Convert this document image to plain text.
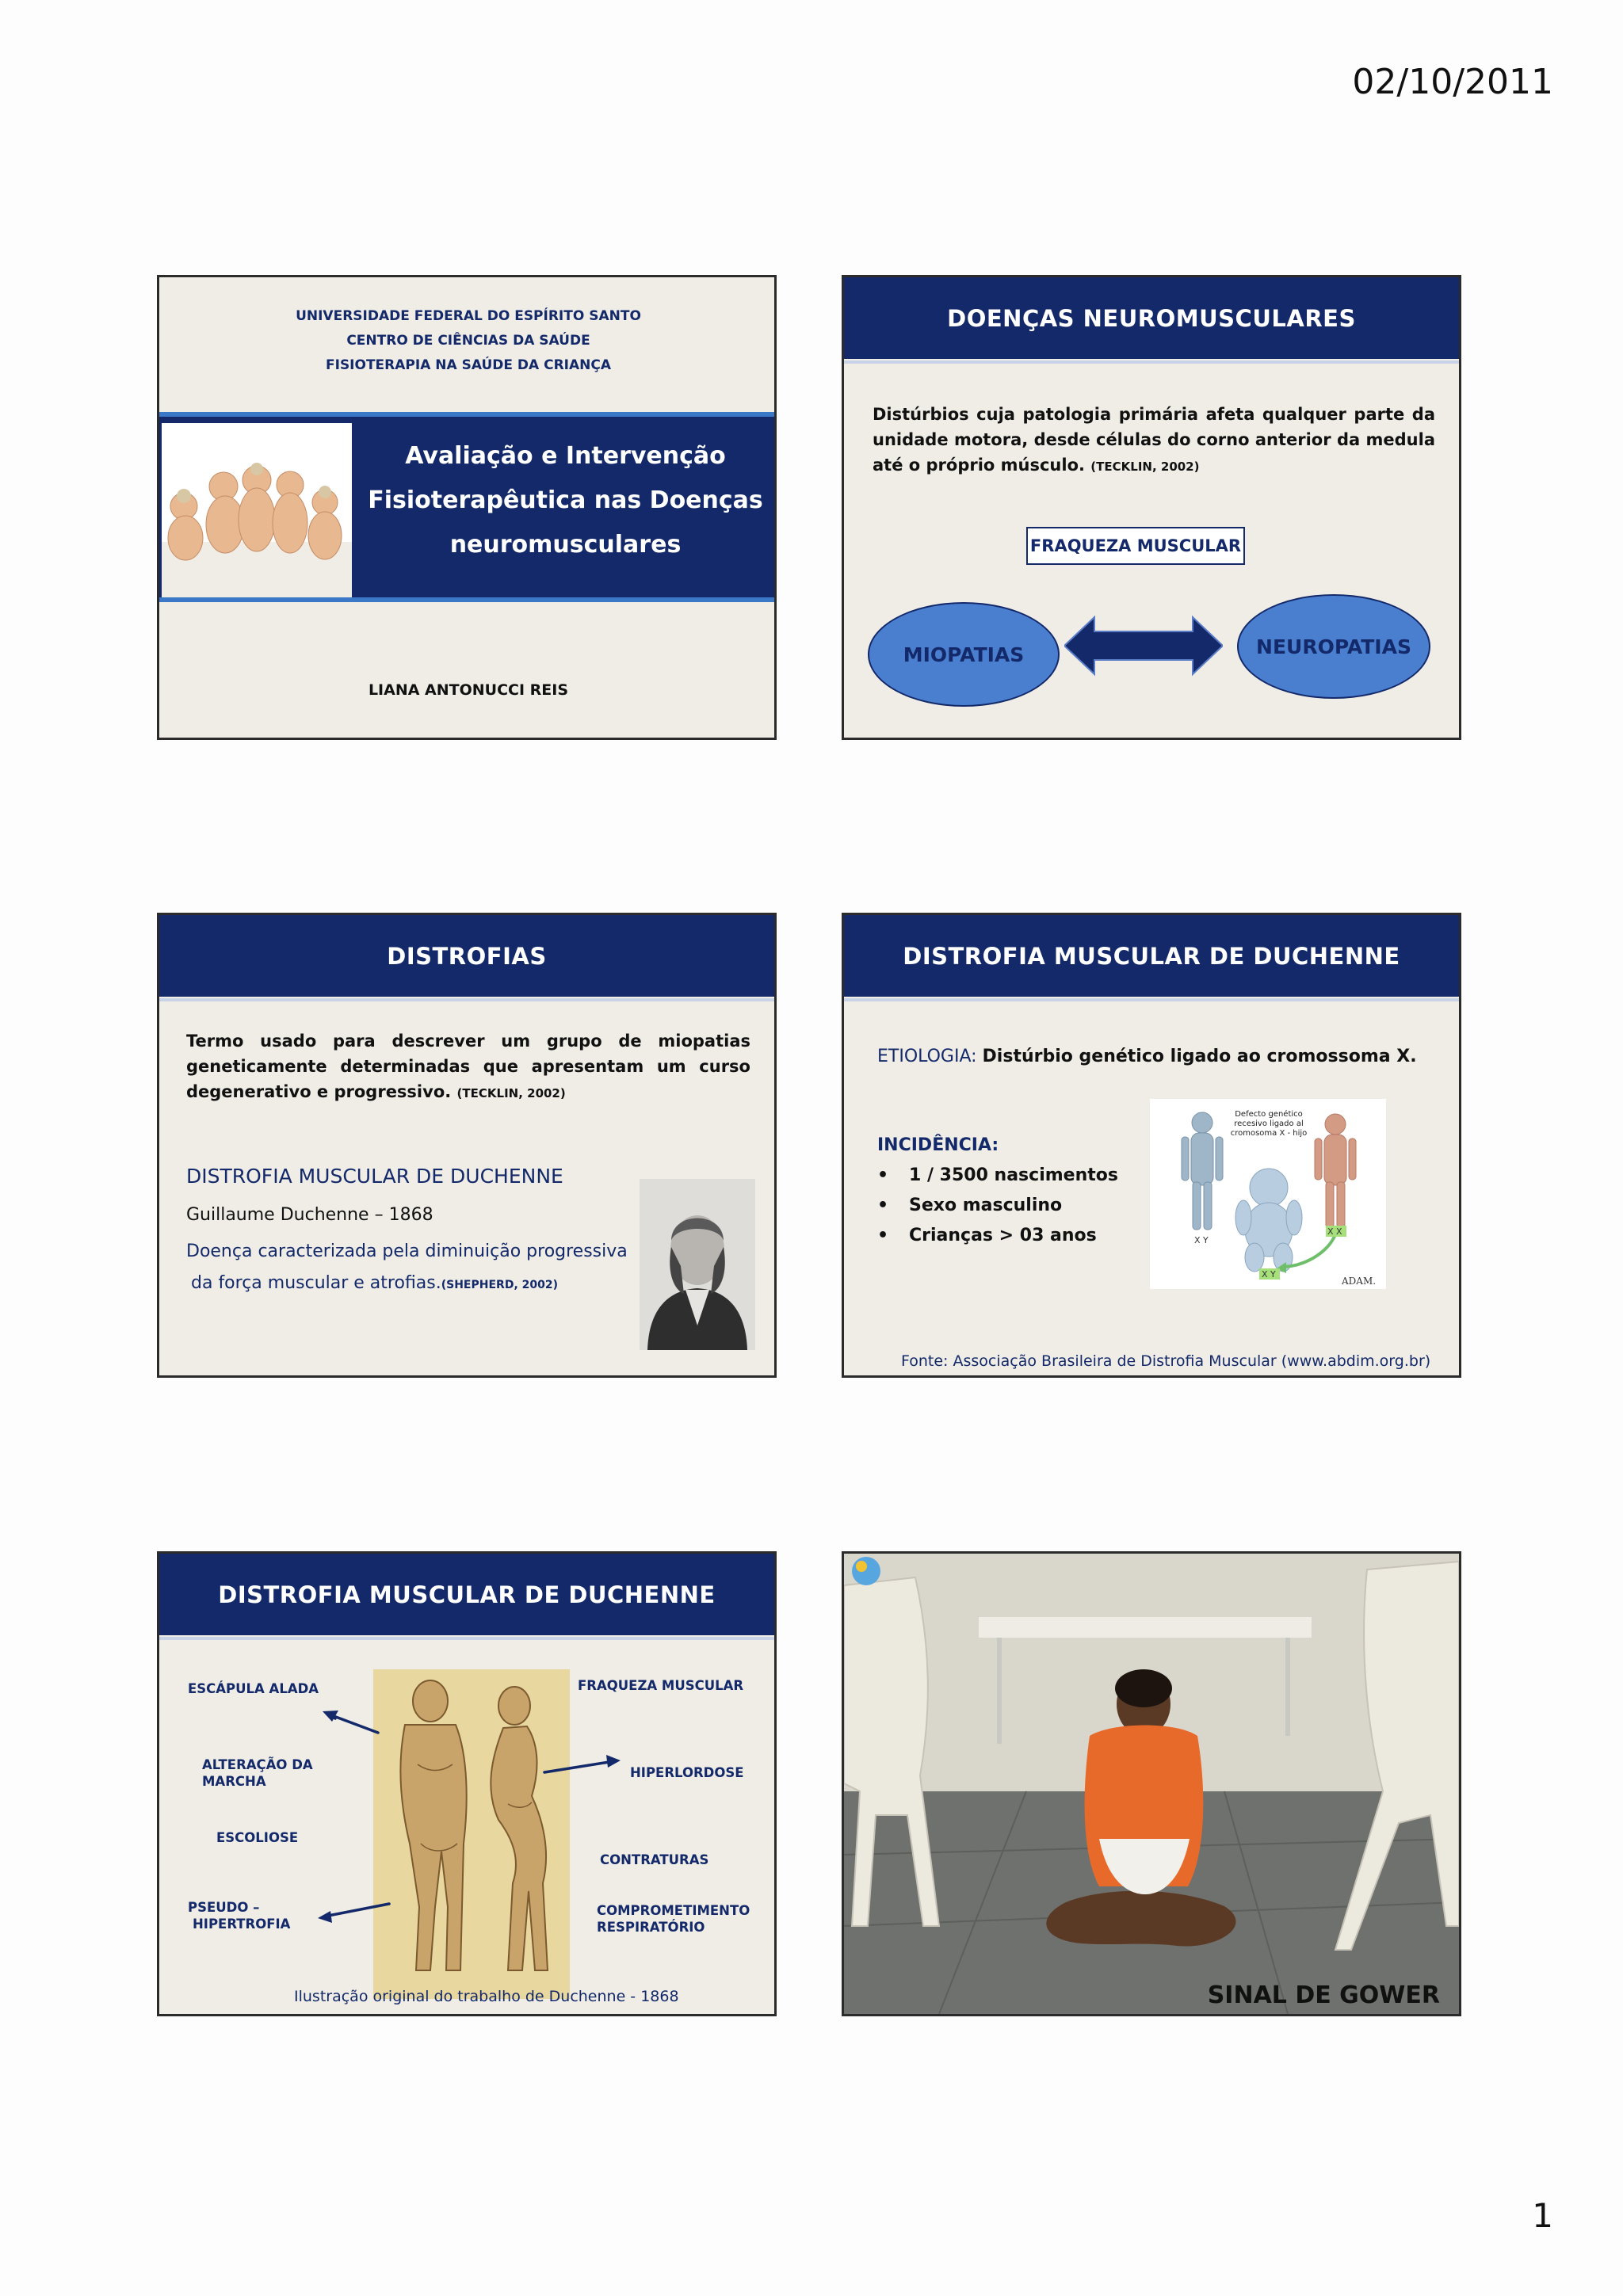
02/10/2011
UNIVERSIDADE FEDERAL DO ESPÍRITO SANTO
CENTRO DE CIÊNCIAS DA SAÚDE
FISIOTERAPIA NA SAÚDE DA CRIANÇA
Avaliação e Intervenção
Fisioterapêutica nas Doenças
neuromusculares
LIANA ANTONUCCI REIS
DOENÇAS NEUROMUSCULARES
Distúrbios cuja patologia primária afeta qualquer parte da unidade motora, desde células do corno anterior da medula até o próprio músculo. (TECKLIN, 2002)
FRAQUEZA MUSCULAR
MIOPATIAS	NEUROPATIAS
DISTROFIAS
Termo usado para descrever um grupo de miopatias geneticamente determinadas que apresentam um curso degenerativo e progressivo. (TECKLIN, 2002)
DISTROFIA MUSCULAR DE DUCHENNE
Guillaume Duchenne – 1868
Doença caracterizada pela diminuição progressiva
da força muscular e atrofias.(SHEPHERD, 2002)
DISTROFIA MUSCULAR DE DUCHENNE
ETIOLOGIA: Distúrbio genético ligado ao cromossoma X.
INCIDÊNCIA:
• 1 / 3500 nascimentos
• Sexo masculino
• Crianças > 03 anos
Defecto genético
recesivo ligado al
cromosoma X - hijo
X Y
X X
X Y
ADAM.
Fonte: Associação Brasileira de Distrofia Muscular (www.abdim.org.br)
DISTROFIA MUSCULAR DE DUCHENNE
ESCÁPULA ALADA
ALTERAÇÃO DA
MARCHA
ESCOLIOSE
PSEUDO –
HIPERTROFIA
FRAQUEZA MUSCULAR
HIPERLORDOSE
CONTRATURAS
COMPROMETIMENTO
RESPIRATÓRIO
Ilustração original do trabalho de Duchenne - 1868	SINAL DE GOWER
1
